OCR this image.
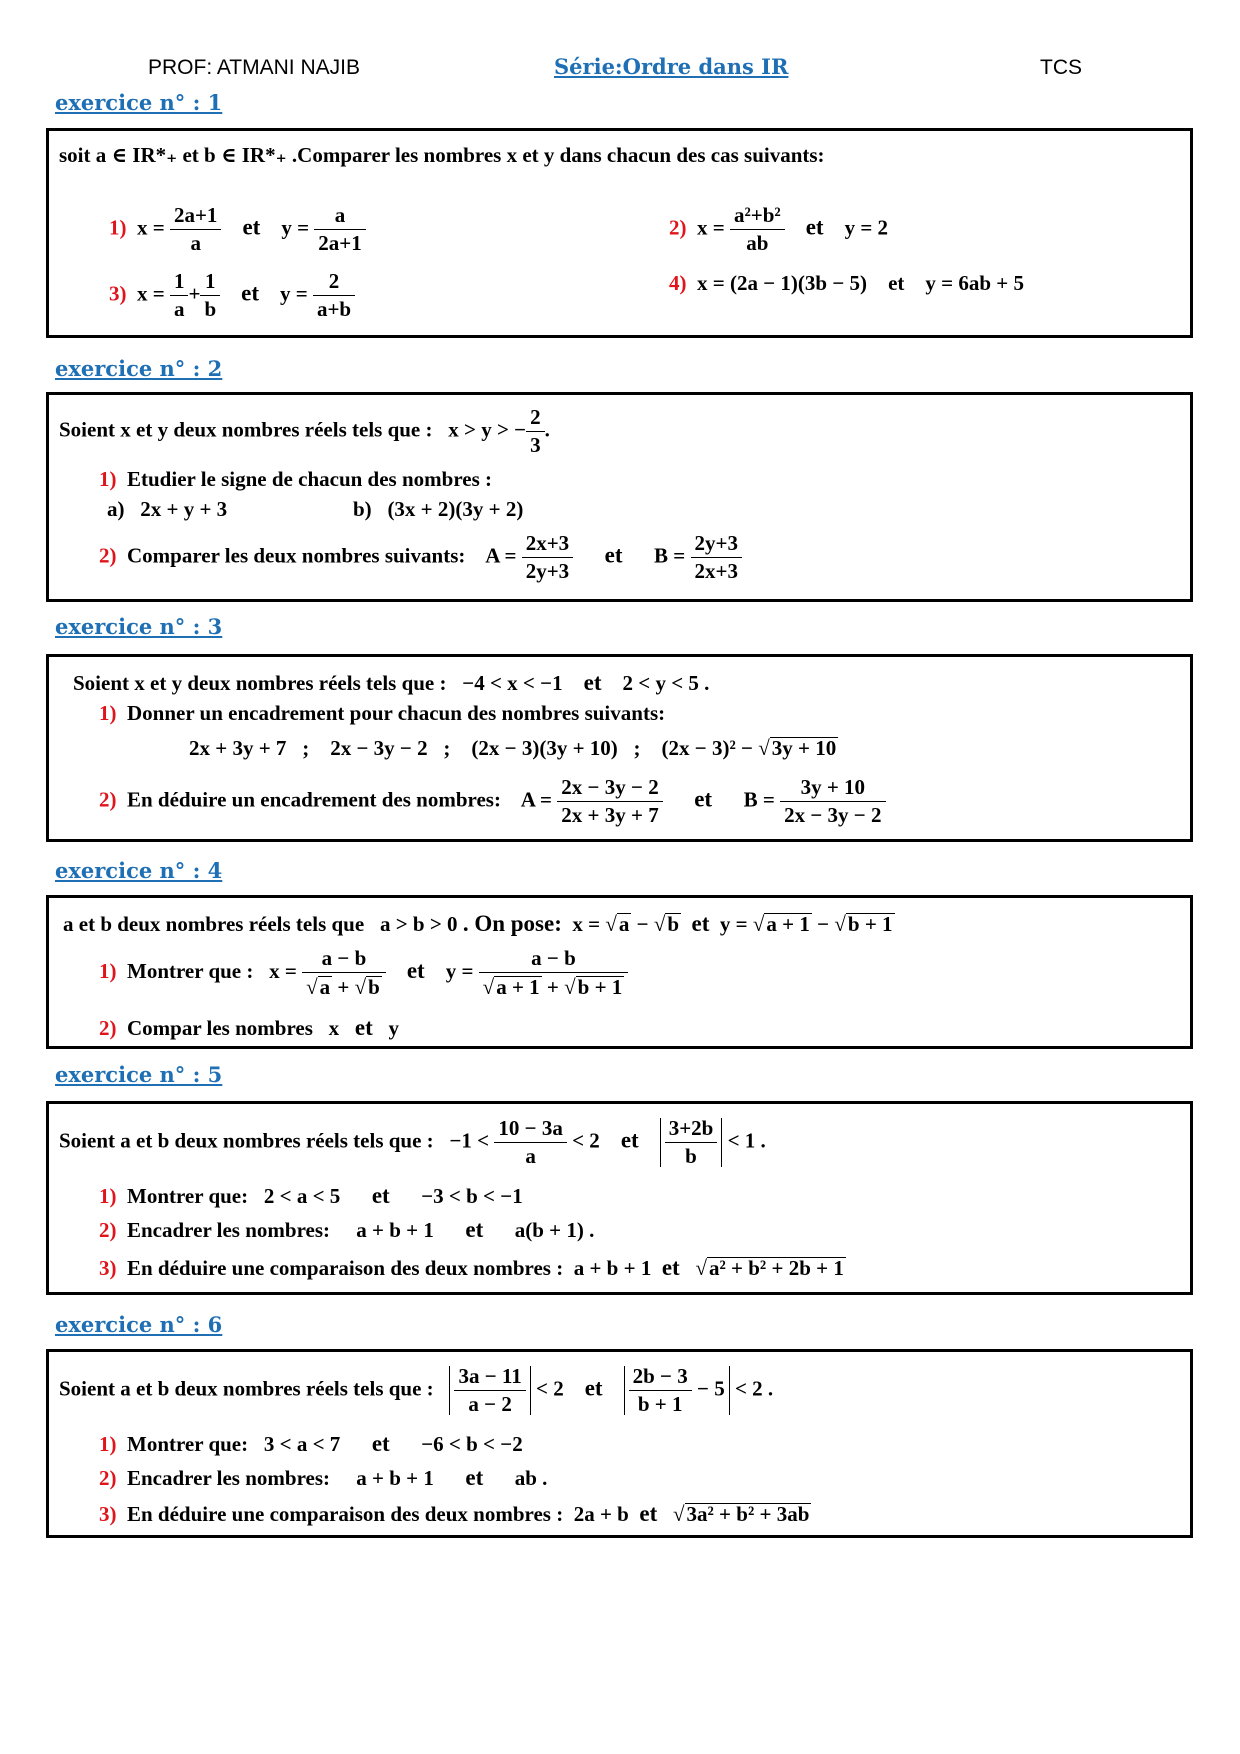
PROF: ATMANI NAJIB	Série:Ordre dans IR	TCS
exercice n° : 1
soit a ∈ IR*₊ et b ∈ IR*₊ .Comparer les nombres x et y dans chacun des cas suivants:
1)  $x = \frac{2a+1}{a}$ et    $y = \frac{a}{2a+1}$	2)  $x = \frac{\text{a²+b²}}{ab}$ et y = 2
3)  $x = \frac{1}{a} + \frac{1}{b}$ et    $y = \frac{2}{a+b}$	4) x = (2a − 1)(3b − 5) et y = 6ab + 5
exercice n° : 2
Soient x et y deux nombres réels tels que : x > y > − $\frac{2}{3}$ .
1) Etudier le signe de chacun des nombres :
a)   2x + y + 3	b)   (3x + 2)(3y + 2)
2) Comparer les deux nombres suivants:    $A = \frac{2x+3}{2y+3}$ et      $B = \frac{2y+3}{2x+3}$
exercice n° : 3
Soient x et y deux nombres réels tels que : −4 < x < −1 et 2 < y < 5 .
1) Donner un encadrement pour chacun des nombres suivants:
2x + 3y + 7   ;    2x − 3y − 2   ;    (2x − 3)(3y + 10)   ;    (2x − 3)² − √3y + 10
2) En déduire un encadrement des nombres:    $A = \frac{2x - 3y - 2}{2x + 3y + 7}$ et      $B = \frac{3y + 10}{2x - 3y - 2}$
exercice n° : 4
a et b deux nombres réels tels que a > b > 0 . On pose:  x = √a − √b et  y = √a + 1 − √b + 1
1) Montrer que :   $x = \frac{a - b}{√a + √b}$ et    $y = \frac{a - b}{√a + 1 + √b + 1}$
2) Compar les nombres   x   et   y
exercice n° : 5
Soient a et b deux nombres réels tels que :   $-1 < \frac{10 - 3a}{a} < 2$    et $\frac{3+2b}{b} < 1$ .
1) Montrer que: 2 < a < 5 et −3 < b < −1
2) Encadrer les nombres: a + b + 1 et a(b + 1) .
3) En déduire une comparaison des deux nombres : a + b + 1 et   √a² + b² + 2b + 1
exercice n° : 6
Soient a et b deux nombres réels tels que : $\frac{3a - 11}{a - 2} < 2$    et $\frac{2b - 3}{b + 1} - 5 < 2$ .
1) Montrer que: 3 < a < 7 et −6 < b < −2
2) Encadrer les nombres: a + b + 1 et ab .
3) En déduire une comparaison des deux nombres : 2a + b et   √3a² + b² + 3ab
